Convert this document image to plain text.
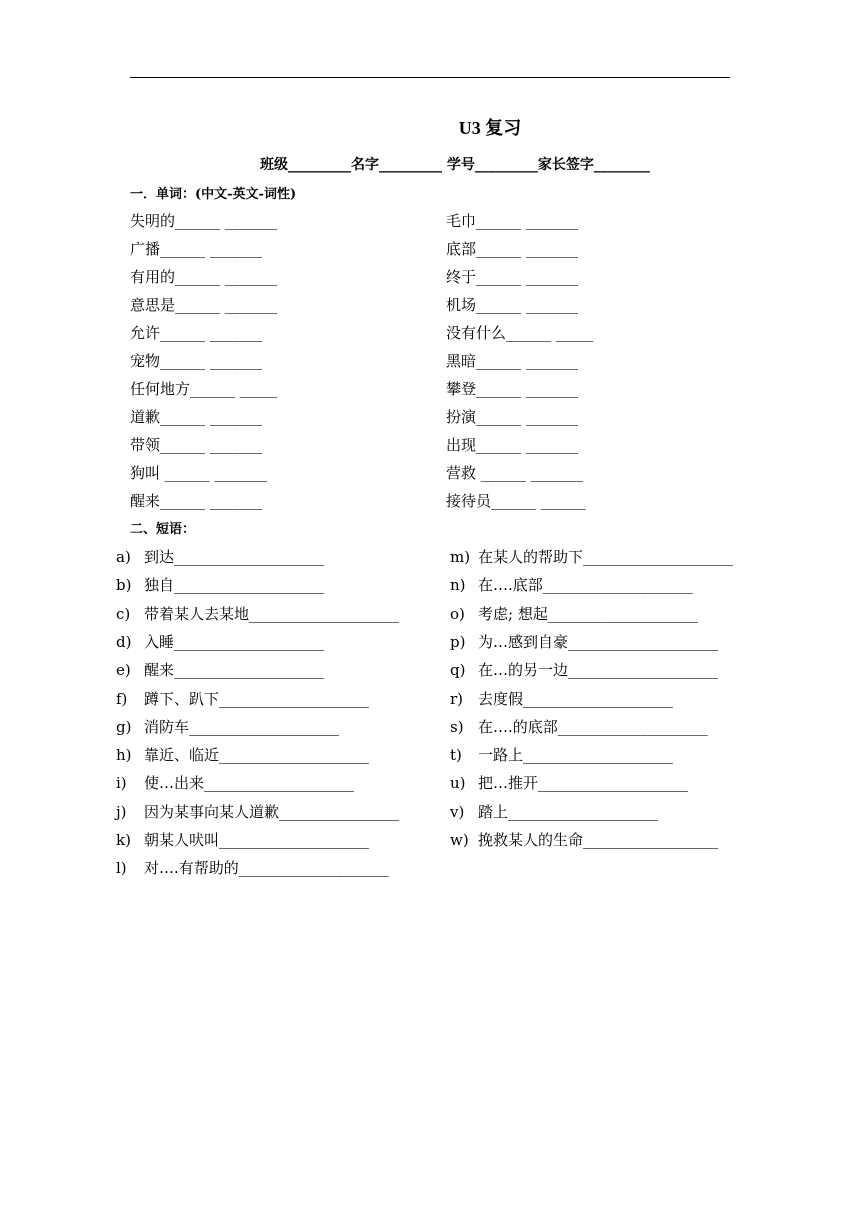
U3 复习
班级_________名字_________ 学号_________家长签字________
一．单词：(中文-英文-词性)
失明的______ _______
广播______ _______
有用的______ _______
意思是______ _______
允许______ _______
宠物______ _______
任何地方______ _____
道歉______ _______
带领______ _______
狗叫 ______ _______
醒来______ _______
毛巾______ _______
底部______ _______
终于______ _______
机场______ _______
没有什么______ _____
黑暗______ _______
攀登______ _______
扮演______ _______
出现______ _______
营救 ______ _______
接待员______ ______
二、短语：
a) 到达____________________
b) 独自____________________
c) 带着某人去某地____________________
d) 入睡____________________
e) 醒来____________________
f) 蹲下、趴下____________________
g) 消防车____________________
h) 靠近、临近____________________
i) 使…出来____________________
j) 因为某事向某人道歉________________
k) 朝某人吠叫____________________
l) 对….有帮助的____________________
m) 在某人的帮助下____________________
n) 在….底部____________________
o) 考虑; 想起____________________
p) 为…感到自豪____________________
q) 在…的另一边____________________
r) 去度假____________________
s) 在….的底部____________________
t) 一路上____________________
u) 把…推开____________________
v) 踏上____________________
w) 挽救某人的生命__________________
